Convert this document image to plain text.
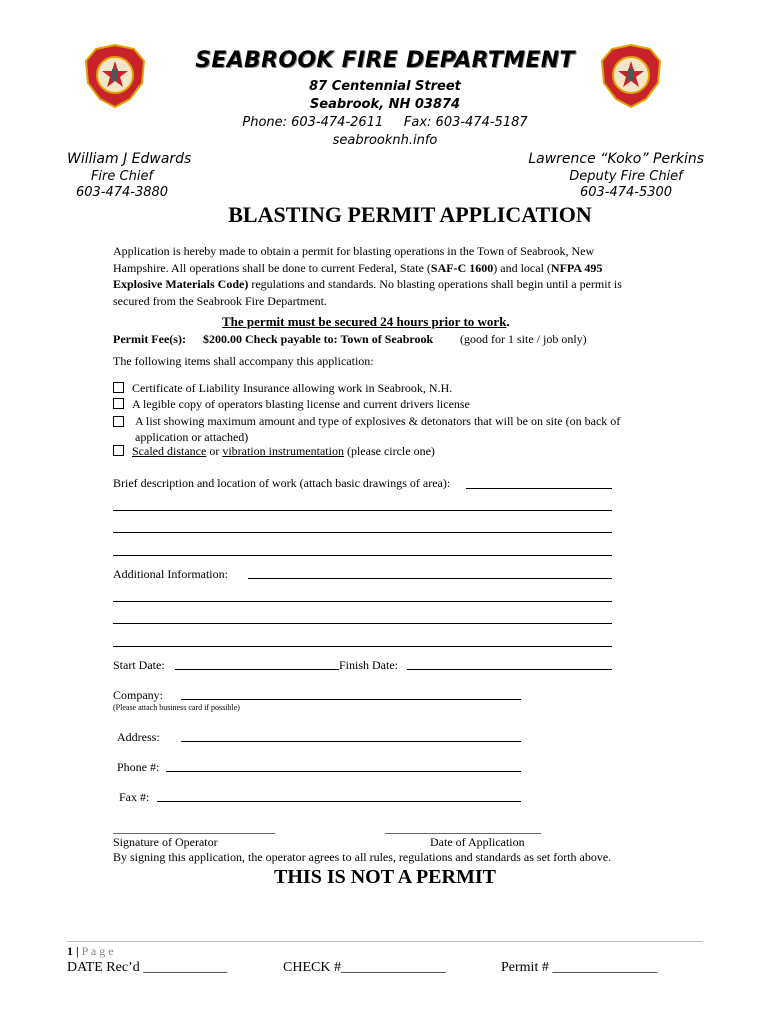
SEABROOK FIRE DEPARTMENT
87 Centennial Street
Seabrook, NH 03874
Phone: 603-474-2611     Fax: 603-474-5187
seabrooknh.info
William J Edwards
Fire Chief
603-474-3880
Lawrence “Koko” Perkins
Deputy Fire Chief
603-474-5300
BLASTING PERMIT APPLICATION
Application is hereby made to obtain a permit for blasting operations in the Town of Seabrook, New Hampshire. All operations shall be done to current Federal, State (SAF-C 1600) and local (NFPA 495 Explosive Materials Code) regulations and standards. No blasting operations shall begin until a permit is secured from the Seabrook Fire Department.
The permit must be secured 24 hours prior to work.
Permit Fee(s): $200.00 Check payable to: Town of Seabrook (good for 1 site / job only)
The following items shall accompany this application:
Certificate of Liability Insurance allowing work in Seabrook, N.H.
A legible copy of operators blasting license and current drivers license
A list showing maximum amount and type of explosives & detonators that will be on site (on back of application or attached)
Scaled distance or vibration instrumentation (please circle one)
Brief description and location of work (attach basic drawings of area):
Additional Information:
Start Date:	Finish Date:
Company:
(Please attach business card if possible)
Address:
Phone #:
Fax #:
___________________________	__________________________
Signature of Operator	Date of Application
By signing this application, the operator agrees to all rules, regulations and standards as set forth above.
THIS IS NOT A PERMIT
1 | P a g e
DATE Rec’d ____________	CHECK #_______________	Permit # _______________
